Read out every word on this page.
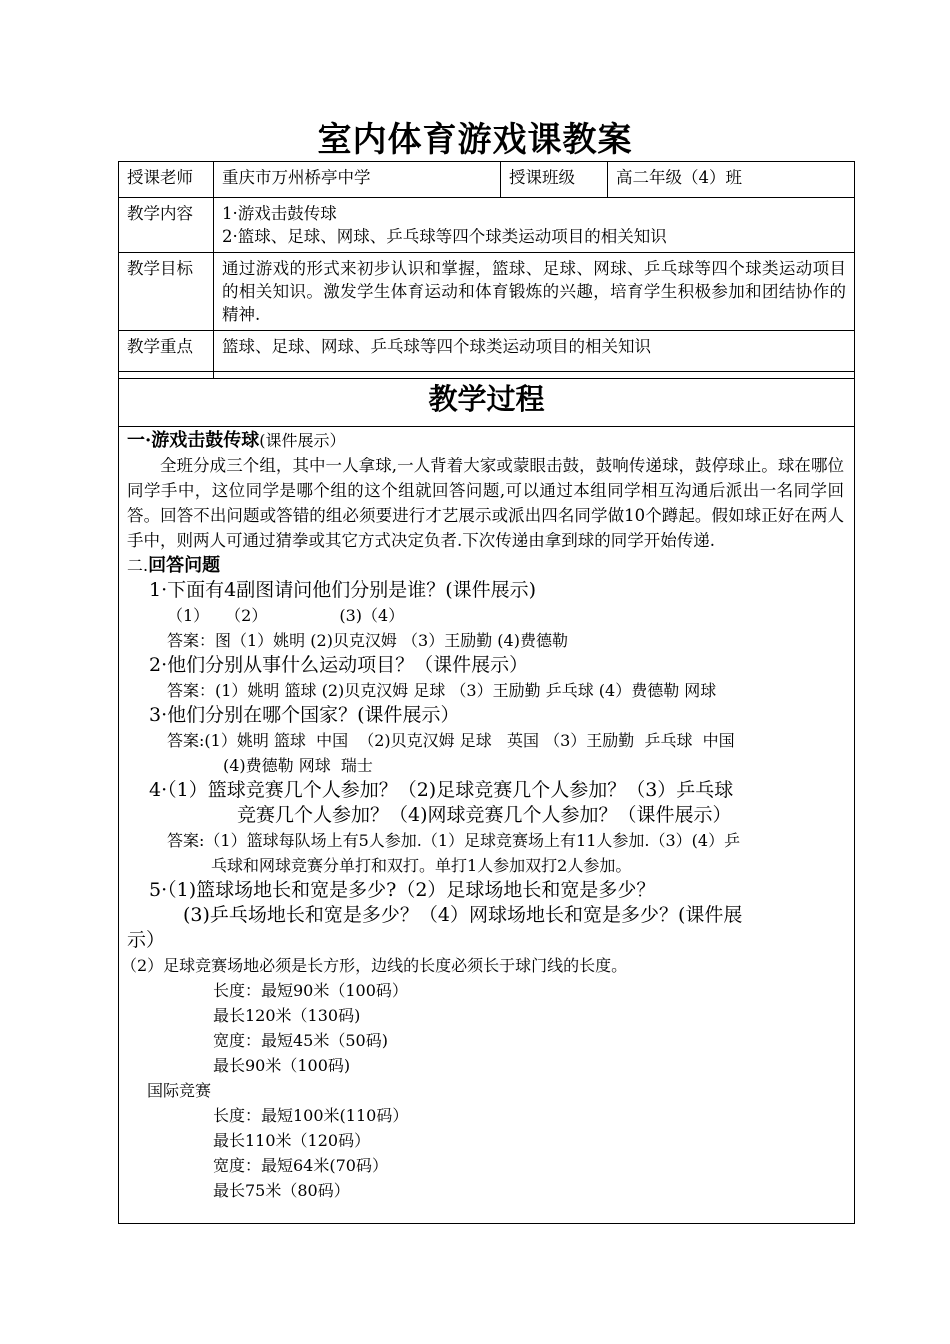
室内体育游戏课教案
授课老师	重庆市万州桥亭中学	授课班级	高二年级（4）班
教学内容	1·游戏击鼓传球
2·篮球、足球、网球、乒乓球等四个球类运动项目的相关知识		

教学目标	通过游戏的形式来初步认识和掌握，篮球、足球、网球、乒乓球等四个球类运动项目的相关知识。激发学生体育运动和体育锻炼的兴趣，培育学生积极参加和团结协作的精神.		
教学重点	篮球、足球、网球、乒乓球等四个球类运动项目的相关知识		
教学过程
一·游戏击鼓传球(课件展示）
全班分成三个组，其中一人拿球,一人背着大家或蒙眼击鼓，鼓响传递球，鼓停球止。球在哪位同学手中，这位同学是哪个组的这个组就回答问题,可以通过本组同学相互沟通后派出一名同学回答。回答不出问题或答错的组必须要进行才艺展示或派出四名同学做10个蹲起。假如球正好在两人手中，则两人可通过猜拳或其它方式决定负者.下次传递由拿到球的同学开始传递.
二.回答问题
1·下面有4副图请问他们分别是谁？(课件展示)
（1）　　（2）　　　　　(3)（4）
答案：图（1）姚明 (2)贝克汉姆 （3）王励勤 (4)费德勒
2·他们分别从事什么运动项目？（课件展示）
答案：(1）姚明 篮球 (2)贝克汉姆 足球 （3）王励勤 乒乓球 (4）费德勒 网球
3·他们分别在哪个国家？(课件展示）
答案:(1）姚明 篮球  中国  （2)贝克汉姆 足球   英国 （3）王励勤  乒乓球  中国
(4)费德勒 网球  瑞士
4·（1）篮球竞赛几个人参加？（2)足球竞赛几个人参加？（3）乒乓球
竞赛几个人参加？（4)网球竞赛几个人参加？（课件展示）
答案:（1）篮球每队场上有5人参加.（1）足球竞赛场上有11人参加.（3）(4）乒
乓球和网球竞赛分单打和双打。单打1人参加双打2人参加。
5·（1)篮球场地长和宽是多少?（2）足球场地长和宽是多少？
(3)乒乓场地长和宽是多少？（4）网球场地长和宽是多少？(课件展
示）
（2）足球竞赛场地必须是长方形，边线的长度必须长于球门线的长度。
长度：最短90米（100码）
最长120米（130码)
宽度：最短45米（50码)
最长90米（100码)
国际竞赛
长度：最短100米(110码）
最长110米（120码）
宽度：最短64米(70码）
最长75米（80码）
